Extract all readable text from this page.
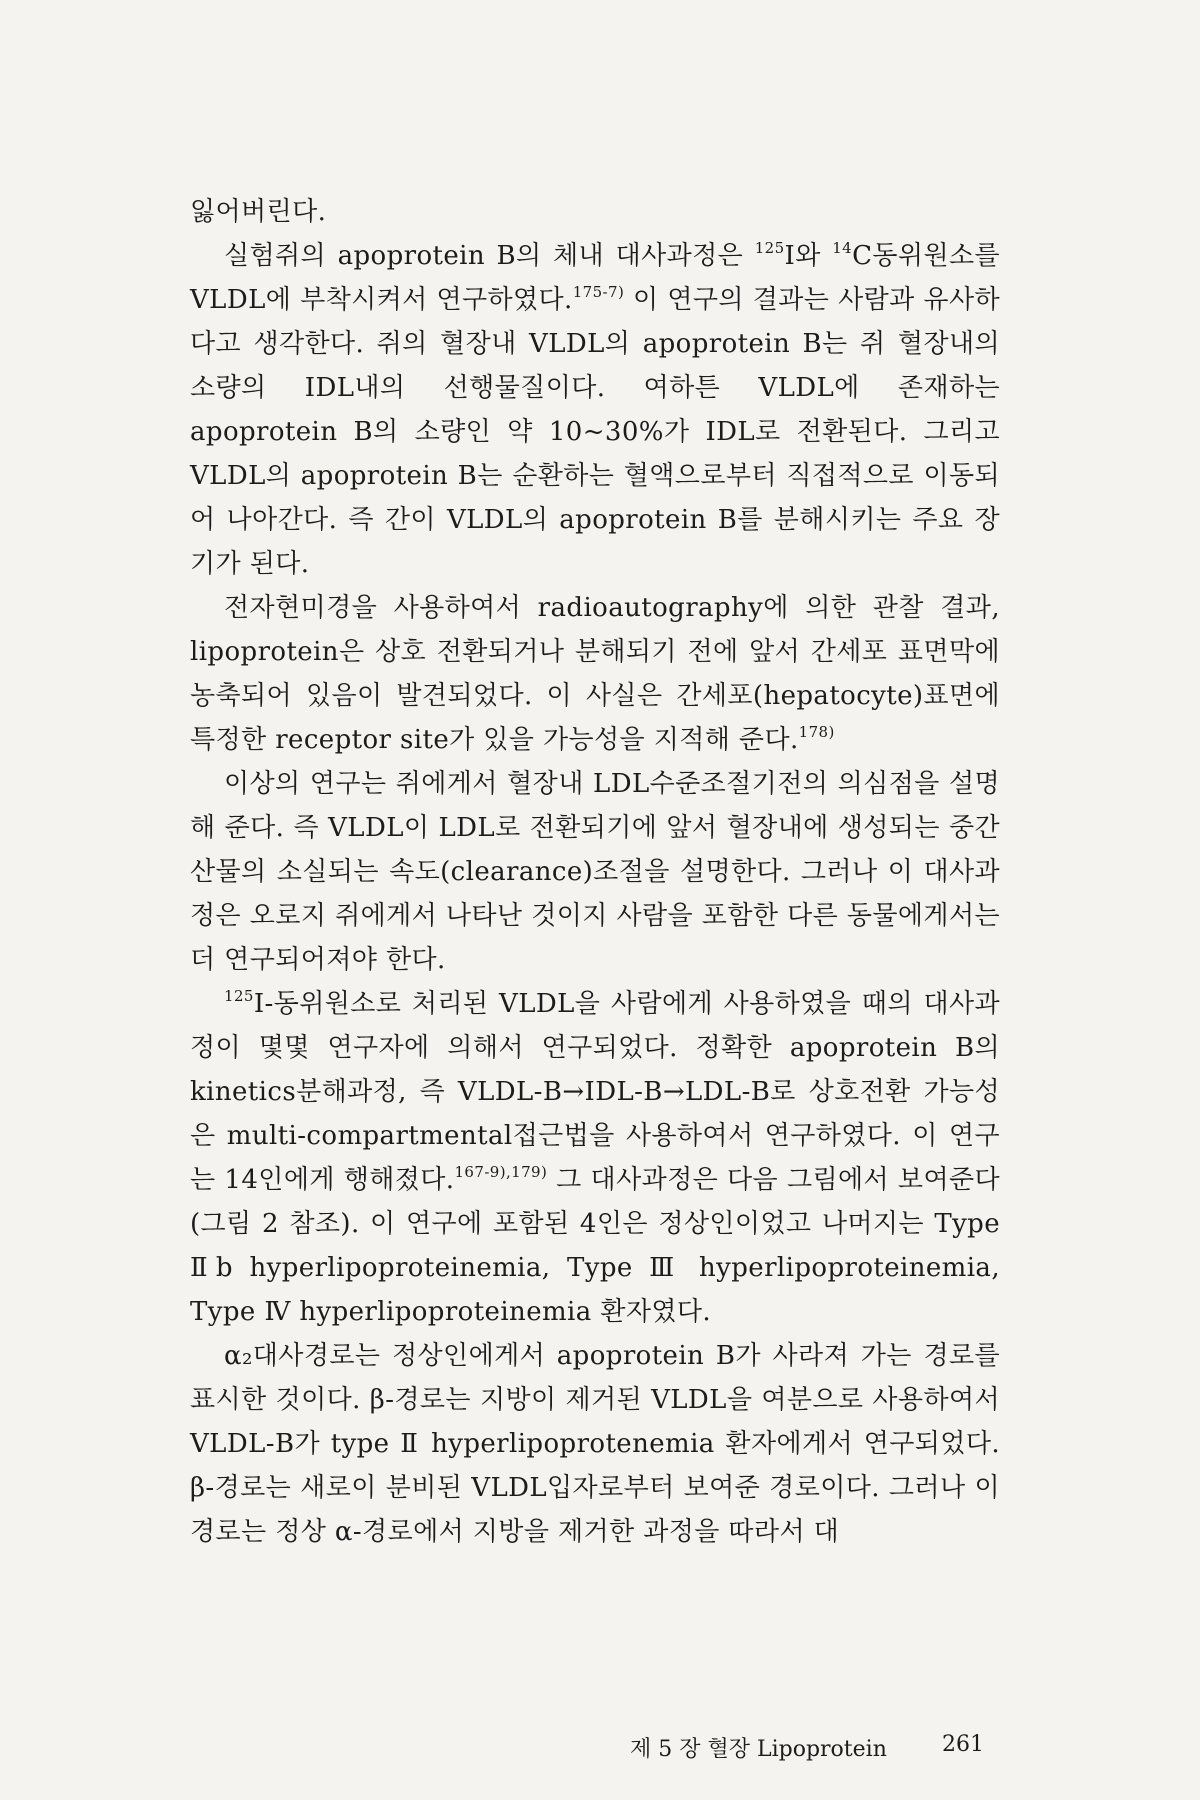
잃어버린다.

실험쥐의 apoprotein B의 체내 대사과정은 $^{125}$I와 $^{14}$C동위원소를 VLDL에 부착시켜서 연구하였다.$^{175-7)}$ 이 연구의 결과는 사람과 유사하다고 생각한다. 쥐의 혈장내 VLDL의 apoprotein B는 쥐 혈장내의 소량의 IDL내의 선행물질이다. 여하튼 VLDL에 존재하는 apoprotein B의 소량인 약 10~30%가 IDL로 전환된다. 그리고 VLDL의 apoprotein B는 순환하는 혈액으로부터 직접적으로 이동되어 나아간다. 즉 간이 VLDL의 apoprotein B를 분해시키는 주요 장기가 된다.

전자현미경을 사용하여서 radioautography에 의한 관찰 결과, lipoprotein은 상호 전환되거나 분해되기 전에 앞서 간세포 표면막에 농축되어 있음이 발견되었다. 이 사실은 간세포(hepatocyte)표면에 특정한 receptor site가 있을 가능성을 지적해 준다.$^{178)}$

이상의 연구는 쥐에게서 혈장내 LDL수준조절기전의 의심점을 설명해 준다. 즉 VLDL이 LDL로 전환되기에 앞서 혈장내에 생성되는 중간산물의 소실되는 속도(clearance)조절을 설명한다. 그러나 이 대사과정은 오로지 쥐에게서 나타난 것이지 사람을 포함한 다른 동물에게서는 더 연구되어져야 한다.

$^{125}$I-동위원소로 처리된 VLDL을 사람에게 사용하였을 때의 대사과정이 몇몇 연구자에 의해서 연구되었다. 정확한 apoprotein B의 kinetics분해과정, 즉 VLDL-B→IDL-B→LDL-B로 상호전환 가능성은 multi-compartmental접근법을 사용하여서 연구하였다. 이 연구는 14인에게 행해졌다.$^{167-9),179)}$ 그 대사과정은 다음 그림에서 보여준다(그림 2 참조). 이 연구에 포함된 4인은 정상인이었고 나머지는 Type Ⅱb hyperlipoproteinemia, Type Ⅲ hyperlipoproteinemia, Type Ⅳ hyperlipoproteinemia 환자였다.

α₂대사경로는 정상인에게서 apoprotein B가 사라져 가는 경로를 표시한 것이다. β-경로는 지방이 제거된 VLDL을 여분으로 사용하여서 VLDL-B가 type Ⅱ hyperlipoprotenemia 환자에게서 연구되었다. β-경로는 새로이 분비된 VLDL입자로부터 보여준 경로이다. 그러나 이 경로는 정상 α-경로에서 지방을 제거한 과정을 따라서 대

제 5 장 혈장 Lipoprotein	261
